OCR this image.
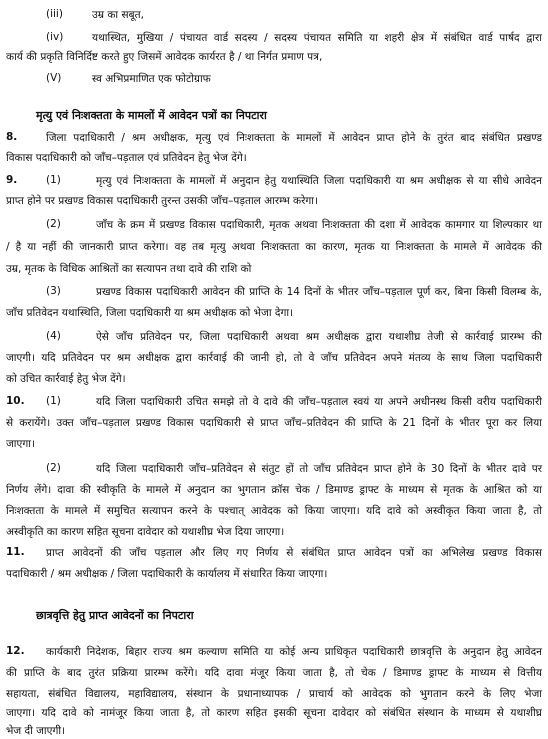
(iii)	उम्र का सबूत,
(iv)	यथास्थित, मुखिया / पंचायत वार्ड सदस्य / सदस्य पंचायत समिति या शहरी क्षेत्र में संबंधित वार्ड पार्षद द्वारा
कार्य की प्रकृति विनिर्दिष्ट करते हुए जिसमें आवेदक कार्यरत है / था निर्गत प्रमाण पत्र,
(V)	स्व अभिप्रमाणित एक फोटोग्राफ
मृत्यु एवं निःशक्तता के मामलों में आवेदन पत्रों का निपटारा
8.	जिला पदाधिकारी / श्रम अधीक्षक, मृत्यु एवं निःशक्तता के मामलों में आवेदन प्राप्त होने के तुरंत बाद संबंधित प्रखण्ड
विकास पदाधिकारी को जाँच–पड़ताल एवं प्रतिवेदन हेतु भेज देंगे।
9.	(1)	मृत्यु एवं निःशक्तता के मामलों में अनुदान हेतु यथास्थिति जिला पदाधिकारी या श्रम अधीक्षक से या सीधे आवेदन
प्राप्त होने पर प्रखण्ड विकास पदाधिकारी तुरन्त उसकी जाँच–पड़ताल आरम्भ करेगा।
(2)	जाँच के क्रम में प्रखण्ड विकास पदाधिकारी, मृतक अथवा निःशक्तता की दशा में आवेदक कामगार या शिल्पकार था
/ है या नहीं की जानकारी प्राप्त करेगा। वह तब मृत्यु अथवा निःशक्तता का कारण, मृतक या निःशक्तता के मामले में आवेदक की
उम्र, मृतक के विधिक आश्रितों का सत्यापन तथा दावे की राशि को
(3)	प्रखण्ड विकास पदाधिकारी आवेदन की प्राप्ति के 14 दिनों के भीतर जाँच–पड़ताल पूर्ण कर, बिना किसी विलम्ब के,
जाँच प्रतिवेदन यथास्थिति, जिला पदाधिकारी या श्रम अधीक्षक को भेजा देगा।
(4)	ऐसे जाँच प्रतिवेदन पर, जिला पदाधिकारी अथवा श्रम अधीक्षक द्वारा यथाशीघ्र तेजी से कार्रवाई प्रारम्भ की
जाएगी। यदि प्रतिवेदन पर श्रम अधीक्षक द्वारा कार्रवाई की जानी हो, तो वे जाँच प्रतिवेदन अपने मंतव्य के साथ जिला पदाधिकारी
को उचित कार्रवाई हेतु भेज देंगे।
10. (1)	यदि जिला पदाधिकारी उचित समझे तो वे दावे की जाँच–पड़ताल स्वयं या अपने अधीनस्थ किसी वरीय पदाधिकारी
से करायेंगे। उक्त जाँच–पड़ताल प्रखण्ड विकास पदाधिकारी से प्राप्त जाँच–प्रतिवेदन की प्राप्ति के 21 दिनों के भीतर पूरा कर लिया
जाएगा।
(2)	यदि जिला पदाधिकारी जाँच–प्रतिवेदन से संतुट हों तो जाँच प्रतिवेदन प्राप्त होने के 30 दिनों के भीतर दावे पर
निर्णय लेंगे। दावा की स्वीकृति के मामले में अनुदान का भुगतान क्रॉस चेक / डिमाण्ड ड्राफ्ट के माध्यम से मृतक के आश्रित को या
निःशक्तता के मामले में समुचित सत्यापन करने के पश्चात् आवेदक को किया जाएगा। यदि दावे को अस्वीकृत किया जाता है, तो
अस्वीकृति का कारण सहित सूचना दावेदार को यथाशीघ्र भेज दिया जाएगा।
11. प्राप्त आवेदनों की जाँच पड़ताल और लिए गए निर्णय से संबंधित प्राप्त आवेदन पत्रों का अभिलेख प्रखण्ड विकास
पदाधिकारी / श्रम अधीक्षक / जिला पदाधिकारी के कार्यालय में संधारित किया जाएगा।
छात्रवृत्ति हेतु प्राप्त आवेदनों का निपटारा
12. कार्यकारी निदेशक, बिहार राज्य श्रम कल्याण समिति या कोई अन्य प्राधिकृत पदाधिकारी छात्रवृत्ति के अनुदान हेतु आवेदन
की प्राप्ति के बाद तुरंत प्रक्रिया प्रारम्भ करेंगे। यदि दावा मंजूर किया जाता है, तो चेक / डिमाण्ड ड्राफ्ट के माध्यम से वित्तीय
सहायता, संबंधित विद्यालय, महाविद्यालय, संस्थान के प्रधानाध्यापक / प्राचार्य को आवेदक को भुगतान करने के लिए भेजा
जाएगा। यदि दावे को नामंजूर किया जाता है, तो कारण सहित इसकी सूचना दावेदार को संबंधित संस्थान के माध्यम से यथाशीघ्र
भेज दी जाएगी।
